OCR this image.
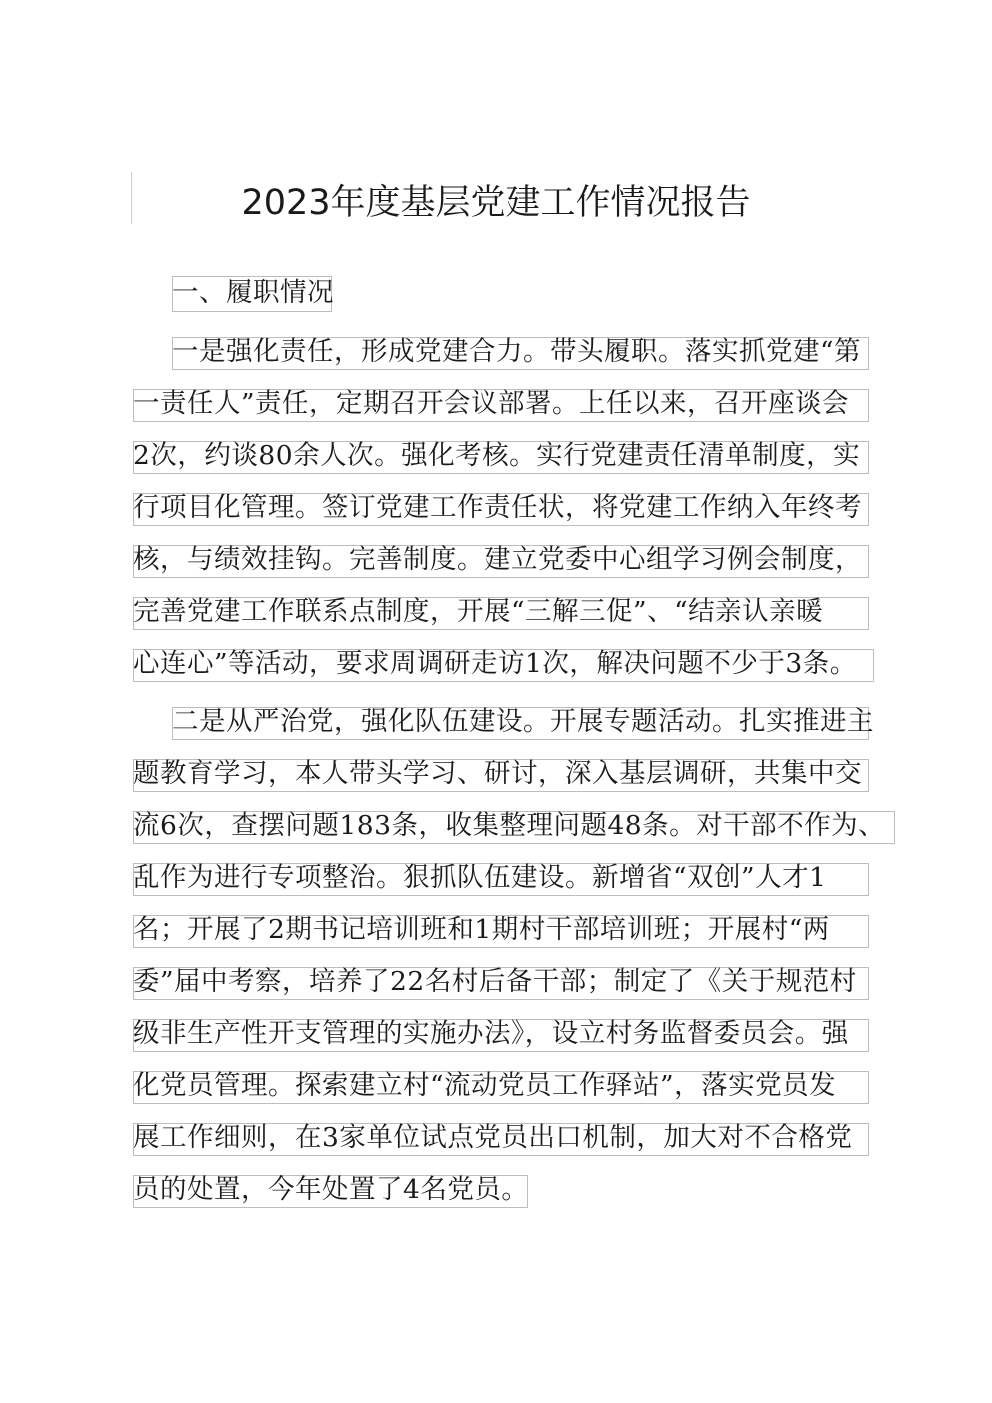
2023年度基层党建工作情况报告
一、履职情况
一是强化责任，形成党建合力。带头履职。落实抓党建“第
一责任人”责任，定期召开会议部署。上任以来，召开座谈会
2次，约谈80余人次。强化考核。实行党建责任清单制度，实
行项目化管理。签订党建工作责任状，将党建工作纳入年终考
核，与绩效挂钩。完善制度。建立党委中心组学习例会制度，
完善党建工作联系点制度，开展“三解三促”、“结亲认亲暖
心连心”等活动，要求周调研走访1次，解决问题不少于3条。
二是从严治党，强化队伍建设。开展专题活动。扎实推进主
题教育学习，本人带头学习、研讨，深入基层调研，共集中交
流6次，查摆问题183条，收集整理问题48条。对干部不作为、
乱作为进行专项整治。狠抓队伍建设。新增省“双创”人才1
名；开展了2期书记培训班和1期村干部培训班；开展村“两
委”届中考察，培养了22名村后备干部；制定了《关于规范村
级非生产性开支管理的实施办法》，设立村务监督委员会。强
化党员管理。探索建立村“流动党员工作驿站”，落实党员发
展工作细则，在3家单位试点党员出口机制，加大对不合格党
员的处置，今年处置了4名党员。
